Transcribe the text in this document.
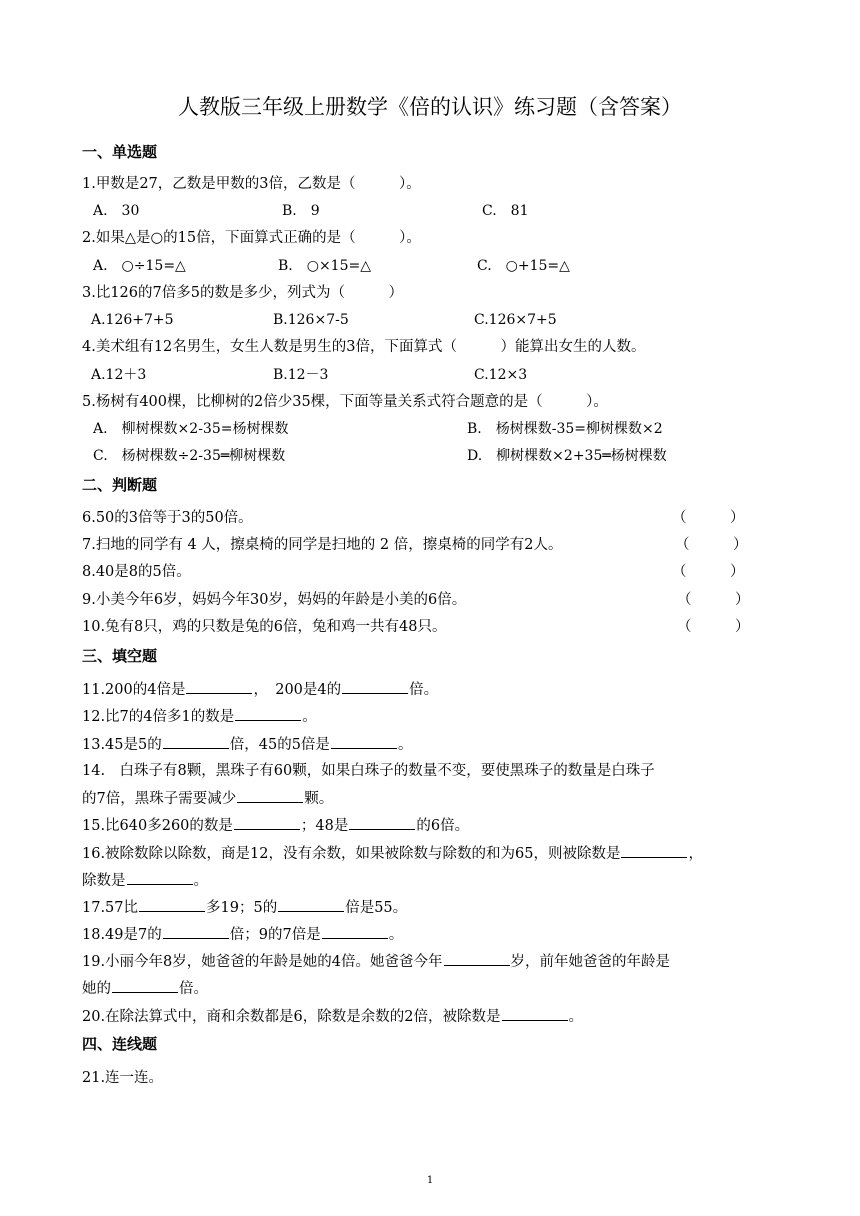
人教版三年级上册数学《倍的认识》练习题（含答案）
一、单选题
1.甲数是27，乙数是甲数的3倍，乙数是（　　　）。
A.　30	B.　9	C.　81
2.如果△是○的15倍，下面算式正确的是（　　　）。
A.　○÷15=△	B.　○×15=△	C.　○+15=△
3.比126的7倍多5的数是多少，列式为（　　　）
A.126+7+5	B.126×7-5	C.126×7+5
4.美术组有12名男生，女生人数是男生的3倍，下面算式（　　　）能算出女生的人数。
A.12＋3	B.12－3	C.12×3
5.杨树有400棵，比柳树的2倍少35棵，下面等量关系式符合题意的是（　　　）。
A.　柳树棵数×2-35=杨树棵数	B.　杨树棵数-35=柳树棵数×2
C.　杨树棵数÷2-35═柳树棵数	D.　柳树棵数×2+35═杨树棵数
二、判断题
6.50的3倍等于3的50倍。	（　　　）
7.扫地的同学有 4 人，擦桌椅的同学是扫地的 2 倍，擦桌椅的同学有2人。	（　　　）
8.40是8的5倍。	（　　　）
9.小美今年6岁，妈妈今年30岁，妈妈的年龄是小美的6倍。	（　　　）
10.兔有8只，鸡的只数是兔的6倍，兔和鸡一共有48只。	（　　　）
三、填空题
11.200的4倍是	，　200是4的	倍。
12.比7的4倍多1的数是	。
13.45是5的	倍，45的5倍是	。
14.　白珠子有8颗，黑珠子有60颗，如果白珠子的数量不变，要使黑珠子的数量是白珠子
的7倍，黑珠子需要减少	颗。
15.比640多260的数是	；48是	的6倍。
16.被除数除以除数，商是12，没有余数，如果被除数与除数的和为65，则被除数是	，
除数是	。
17.57比	多19；5的	倍是55。
18.49是7的	倍；9的7倍是	。
19.小丽今年8岁，她爸爸的年龄是她的4倍。她爸爸今年	岁，前年她爸爸的年龄是
她的	倍。
20.在除法算式中，商和余数都是6，除数是余数的2倍，被除数是	。
四、连线题
21.连一连。
1
